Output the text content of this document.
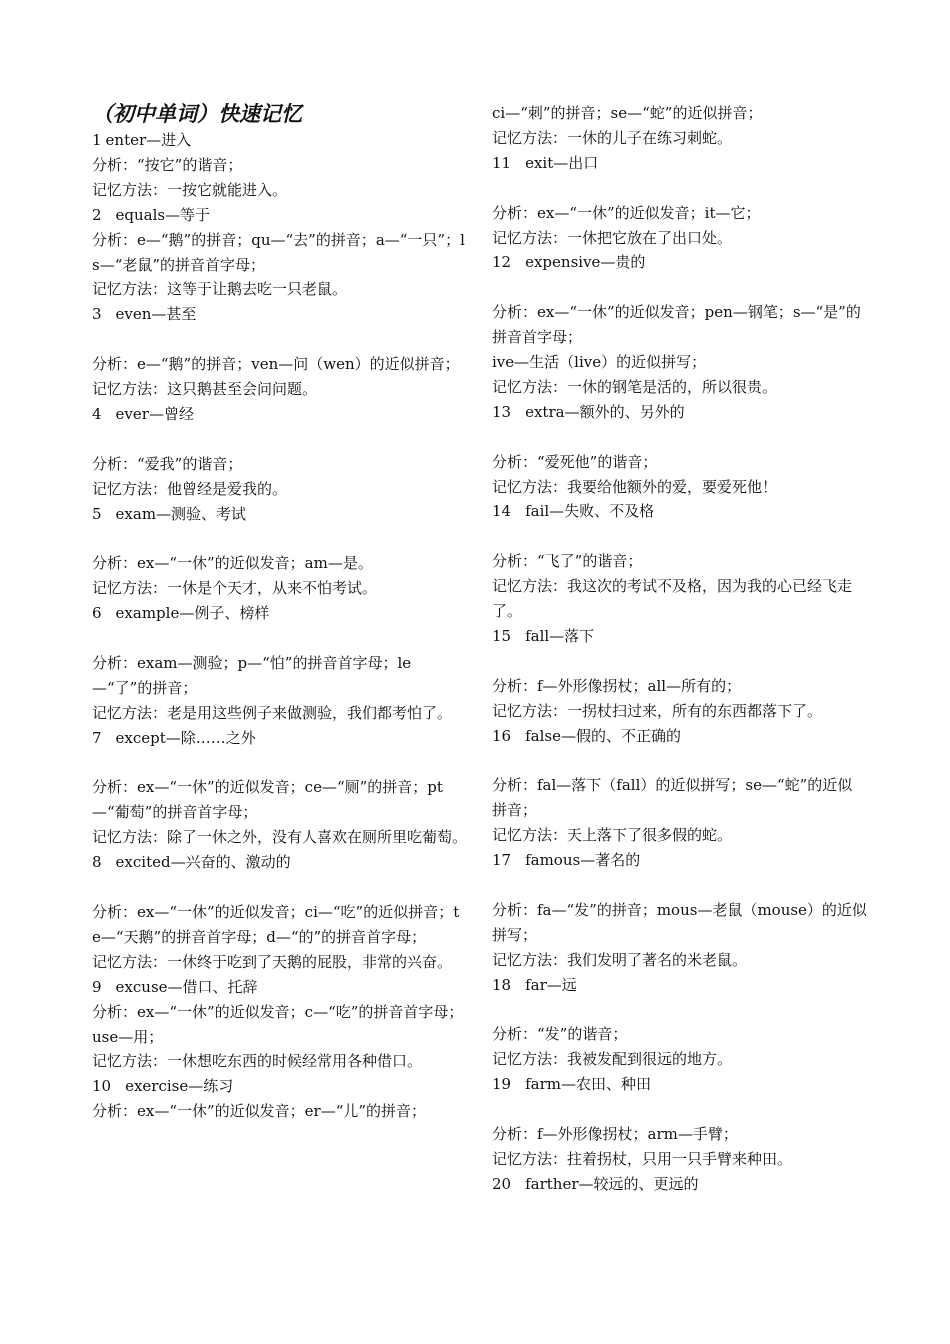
（初中单词）快速记忆
1 enter—进入
分析：“按它”的谐音；
记忆方法：一按它就能进入。
2 equals—等于
分析：e—“鹅”的拼音；qu—“去”的拼音；a—“一只”；ls—“老鼠”的拼音首字母；
记忆方法：这等于让鹅去吃一只老鼠。
3 even—甚至
分析：e—“鹅”的拼音；ven—问（wen）的近似拼音；
记忆方法：这只鹅甚至会问问题。
4 ever—曾经
分析：“爱我”的谐音；
记忆方法：他曾经是爱我的。
5 exam—测验、考试
分析：ex—“一休”的近似发音；am—是。
记忆方法：一休是个天才，从来不怕考试。
6 example—例子、榜样
分析：exam—测验；p—“怕”的拼音首字母；le—“了”的拼音；
记忆方法：老是用这些例子来做测验，我们都考怕了。
7 except—除……之外
分析：ex—“一休”的近似发音；ce—“厕”的拼音；pt—“葡萄”的拼音首字母；
记忆方法：除了一休之外，没有人喜欢在厕所里吃葡萄。
8 excited—兴奋的、激动的
分析：ex—“一休”的近似发音；ci—“吃”的近似拼音；te—“天鹅”的拼音首字母；d—“的”的拼音首字母；
记忆方法：一休终于吃到了天鹅的屁股，非常的兴奋。
9 excuse—借口、托辞
分析：ex—“一休”的近似发音；c—“吃”的拼音首字母；use—用；
记忆方法：一休想吃东西的时候经常用各种借口。
10 exercise—练习
分析：ex—“一休”的近似发音；er—“儿”的拼音；
ci—“刺”的拼音；se—“蛇”的近似拼音；
记忆方法：一休的儿子在练习刺蛇。
11 exit—出口
分析：ex—“一休”的近似发音；it—它；
记忆方法：一休把它放在了出口处。
12 expensive—贵的
分析：ex—“一休”的近似发音；pen—钢笔；s—“是”的拼音首字母；
ive—生活（live）的近似拼写；
记忆方法：一休的钢笔是活的，所以很贵。
13 extra—额外的、另外的
分析：“爱死他”的谐音；
记忆方法：我要给他额外的爱，要爱死他！
14 fail—失败、不及格
分析：“飞了”的谐音；
记忆方法：我这次的考试不及格，因为我的心已经飞走了。
15 fall—落下
分析：f—外形像拐杖；all—所有的；
记忆方法：一拐杖扫过来，所有的东西都落下了。
16 false—假的、不正确的
分析：fal—落下（fall）的近似拼写；se—“蛇”的近似拼音；
记忆方法：天上落下了很多假的蛇。
17 famous—著名的
分析：fa—“发”的拼音；mous—老鼠（mouse）的近似拼写；
记忆方法：我们发明了著名的米老鼠。
18 far—远
分析：“发”的谐音；
记忆方法：我被发配到很远的地方。
19 farm—农田、种田
分析：f—外形像拐杖；arm—手臂；
记忆方法：拄着拐杖，只用一只手臂来种田。
20 farther—较远的、更远的
